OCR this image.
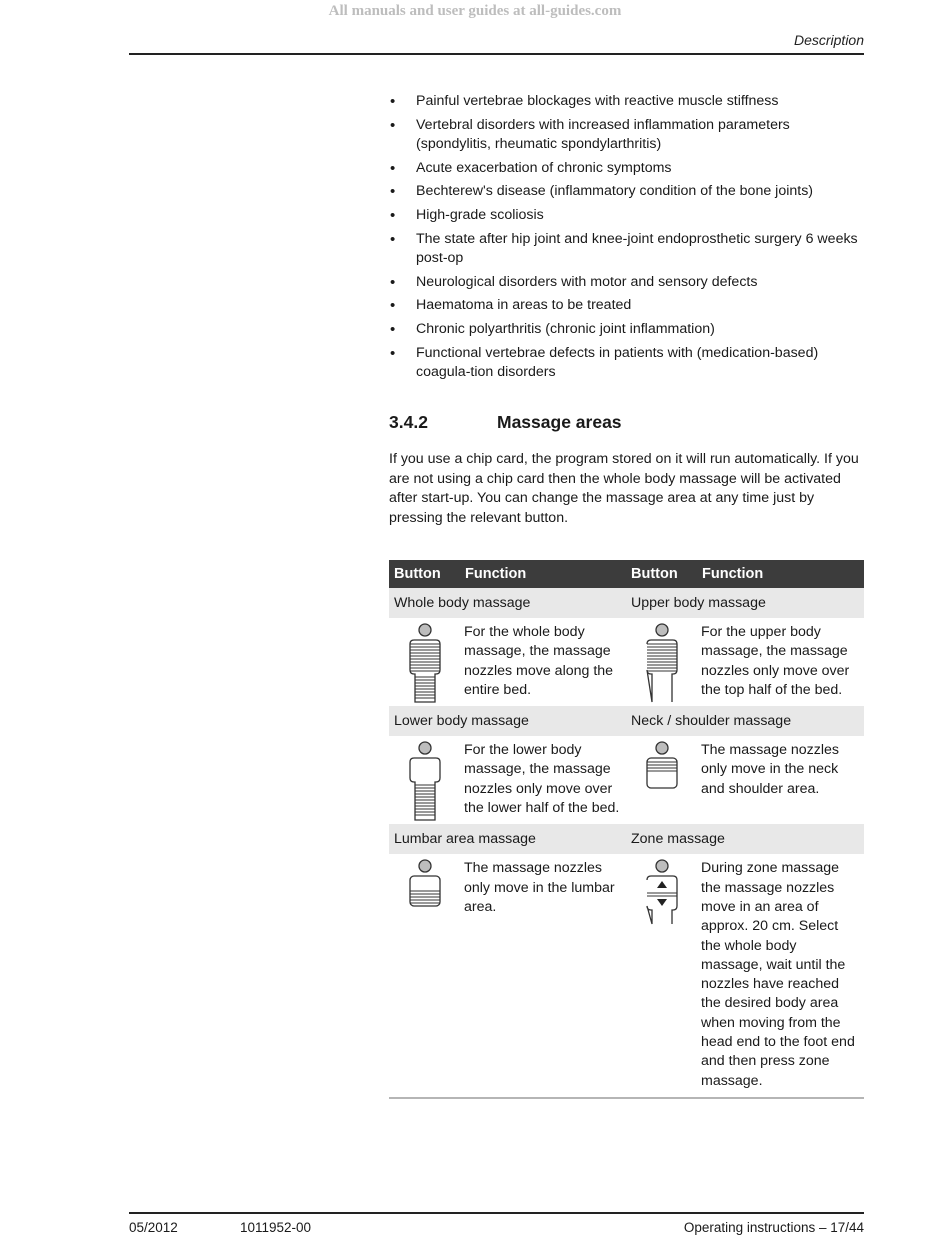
All manuals and user guides at all-guides.com
Description
• Painful vertebrae blockages with reactive muscle stiffness
• Vertebral disorders with increased inflammation parameters (spondylitis, rheumatic spondylarthritis)
• Acute exacerbation of chronic symptoms
• Bechterew's disease (inflammatory condition of the bone joints)
• High-grade scoliosis
• The state after hip joint and knee-joint endoprosthetic surgery 6 weeks post-op
• Neurological disorders with motor and sensory defects
• Haematoma in areas to be treated
• Chronic polyarthritis (chronic joint inflammation)
• Functional vertebrae defects in patients with (medication-based) coagula-tion disorders
3.4.2	Massage areas

If you use a chip card, the program stored on it will run automatically. If you are not using a chip card then the whole body massage will be activated after start-up. You can change the massage area at any time just by pressing the relevant button.

Button	Function	Button	Function
Whole body massage		Upper body massage	

	For the whole body massage, the massage nozzles move along the entire bed.		For the upper body massage, the massage nozzles only move over the top half of the bed.
Lower body massage		Neck / shoulder massage	

	For the lower body massage, the massage nozzles only move over the lower half of the bed.		The massage nozzles only move in the neck and shoulder area.
Lumbar area massage		Zone massage	

	The massage nozzles only move in the lumbar area.		During zone massage the massage nozzles move in an area of approx. 20 cm. Select the whole body massage, wait until the nozzles have reached the desired body area when moving from the head end to the foot end and then press zone massage.
05/2012	1011952-00	Operating instructions – 17/44
